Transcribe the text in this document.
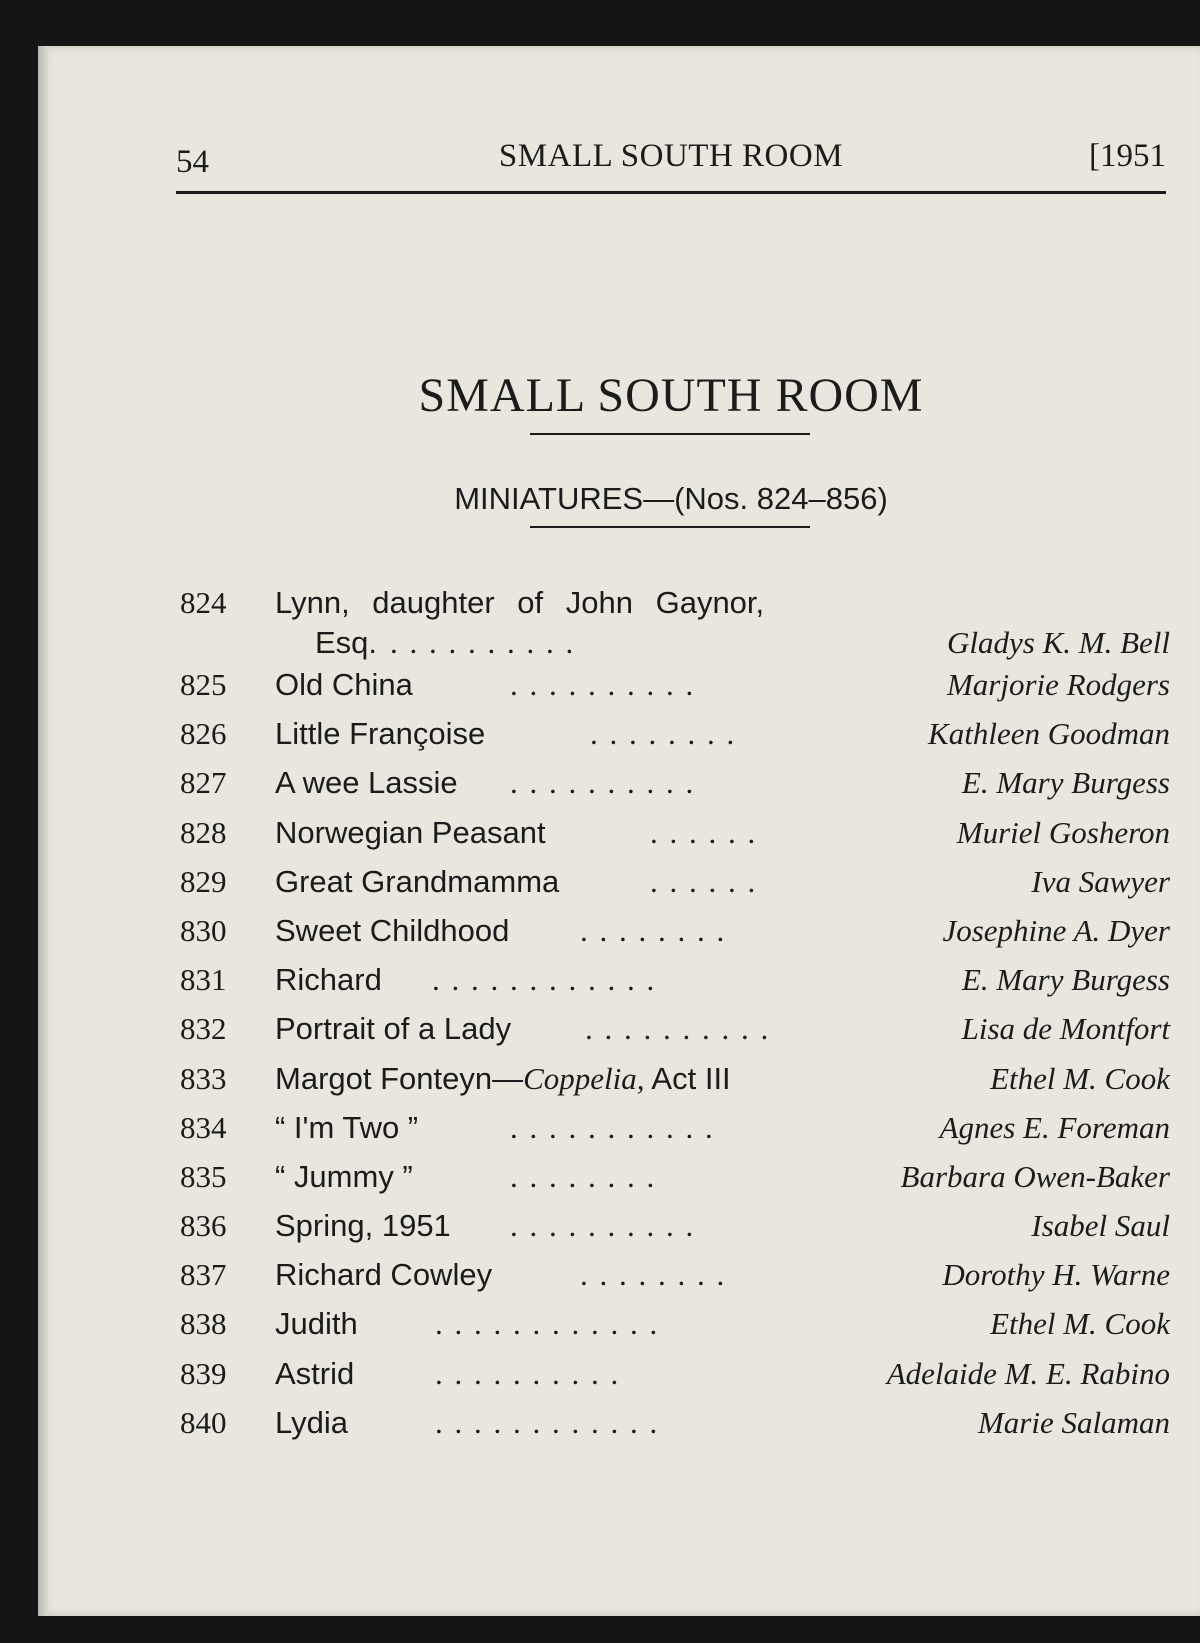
54	SMALL SOUTH ROOM	[1951
SMALL SOUTH ROOM
MINIATURES—(Nos. 824–856)
824 Lynn, daughter of John Gaynor,
Esq. . . . . . . . . . .	Gladys K. M. Bell
825 Old China	. . . . . . . . . .	Marjorie Rodgers
826 Little Françoise	. . . . . . . .	Kathleen Goodman
827 A wee Lassie . . . . . . . . . .	E. Mary Burgess
828 Norwegian Peasant	. . . . . .	Muriel Gosheron
829 Great Grandmamma	. . . . . .	Iva Sawyer
830 Sweet Childhood . . . . . . . .	Josephine A. Dyer
831 Richard . . . . . . . . . . . .	E. Mary Burgess
832 Portrait of a Lady . . . . . . . . . .	Lisa de Montfort
833 Margot Fonteyn—Coppelia, Act III	Ethel M. Cook
834 “ I'm Two ”	. . . . . . . . . . .	Agnes E. Foreman
835 “ Jummy ”	. . . . . . . .	Barbara Owen-Baker
836 Spring, 1951 . . . . . . . . . .	Isabel Saul
837 Richard Cowley	. . . . . . . .	Dorothy H. Warne
838 Judith . . . . . . . . . . . .	Ethel M. Cook
839 Astrid	. . . . . . . . . .	Adelaide M. E. Rabino
840 Lydia	. . . . . . . . . . . .	Marie Salaman
